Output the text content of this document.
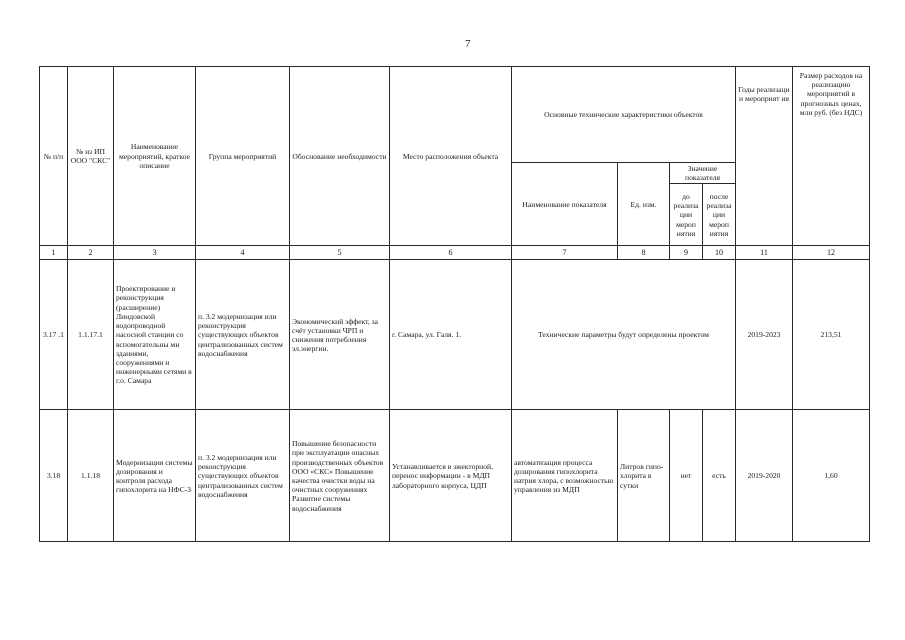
7
№ п/п	№ из ИП ООО "СКС"	Наименование мероприятий, краткое описание	Группа мероприятий	Обоснование необходимости	Место расположения объекта	Основные технические характеристики объектов				Годы реализаци и мероприят ия	Размер расходов на реализацию мероприятий в прогнозных ценах, млн руб. (без НДС)
						Наименование показателя	Ед. изм.	Значение показателя			
								до реализа ции мероп иятия	после реализа ции мероп иятия		
1	2	3	4	5	6	7	8	9	10	11	12
3.17 .1	1.1.17.1	Проектирование и реконструкция (расширение) Линдовской водопроводной насосной станции со вспомогательны ми зданиями, сооружениями и инженерными сетями в г.о. Самара	п. 3.2 модернизация или реконструкция существующих объектов централизованных систем водоснабжения	Экономический эффект, за счёт установки ЧРП и снижения потребления эл.энергии.	г. Самара, ул. Галя. 1.	Технические параметры будут определены проектом				2019-2023	213,51
3.18	1.1.18	Модернизация системы дозирования и контроля расхода гипохлорита на НФС-3	п. 3.2 модернизация или реконструкция существующих объектов централизованных систем водоснабжения	Повышение безопасности при эксплуатации опасных производственных объектов ООО «СКС» Повышение качества очистки воды на очистных сооружениях Развитие системы водоснабжения	Устанавливается в эжекторной, перенос информации - в МДП лабораторного корпуса, ЦДП	автоматизация процесса дозирования гипохлорита натрия хлора, с возможностью управления из МДП	Литров гипо-хлорита в сутки	нет	есть	2019-2020	1,60
